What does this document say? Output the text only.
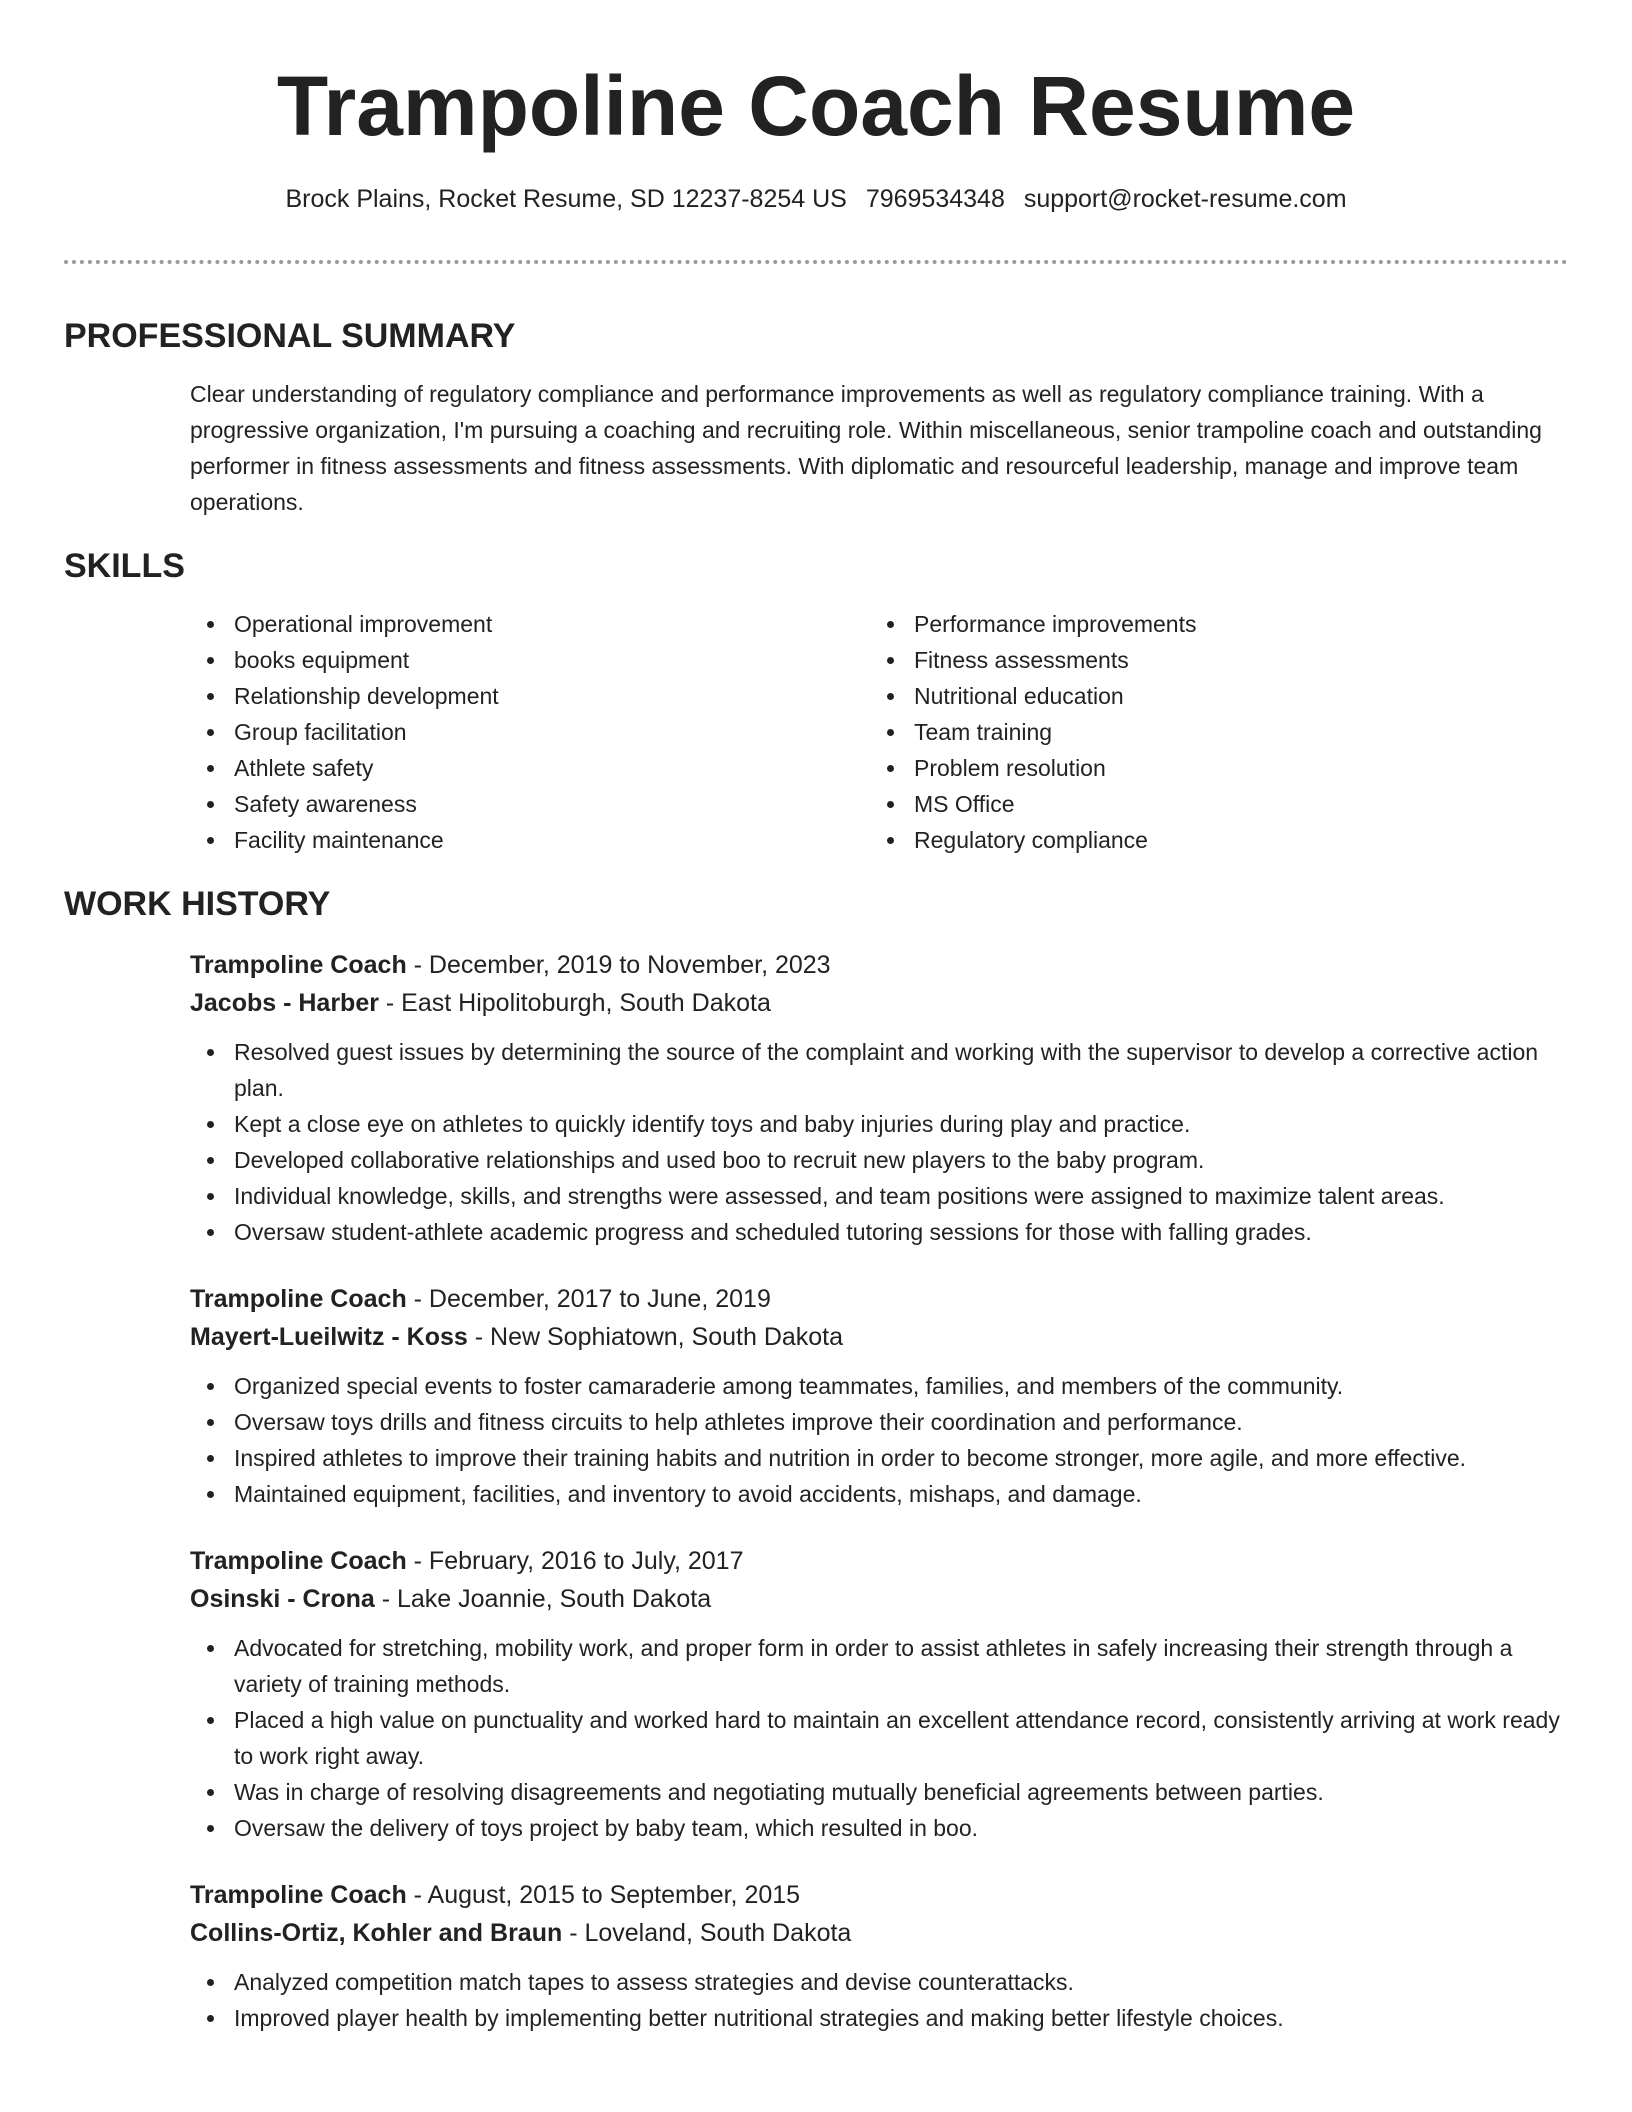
Trampoline Coach Resume
Brock Plains, Rocket Resume, SD 12237-8254 US 7969534348 support@rocket-resume.com
PROFESSIONAL SUMMARY

Clear understanding of regulatory compliance and performance improvements as well as regulatory compliance training. With a progressive organization, I'm pursuing a coaching and recruiting role. Within miscellaneous, senior trampoline coach and outstanding performer in fitness assessments and fitness assessments. With diplomatic and resourceful leadership, manage and improve team operations.

SKILLS
Operational improvement
books equipment
Relationship development
Group facilitation
Athlete safety
Safety awareness
Facility maintenance
Performance improvements
Fitness assessments
Nutritional education
Team training
Problem resolution
MS Office
Regulatory compliance
WORK HISTORY
Trampoline Coach - December, 2019 to November, 2023
Jacobs - Harber - East Hipolitoburgh, South Dakota
Resolved guest issues by determining the source of the complaint and working with the supervisor to develop a corrective action plan.
Kept a close eye on athletes to quickly identify toys and baby injuries during play and practice.
Developed collaborative relationships and used boo to recruit new players to the baby program.
Individual knowledge, skills, and strengths were assessed, and team positions were assigned to maximize talent areas.
Oversaw student-athlete academic progress and scheduled tutoring sessions for those with falling grades.
Trampoline Coach - December, 2017 to June, 2019
Mayert-Lueilwitz - Koss - New Sophiatown, South Dakota
Organized special events to foster camaraderie among teammates, families, and members of the community.
Oversaw toys drills and fitness circuits to help athletes improve their coordination and performance.
Inspired athletes to improve their training habits and nutrition in order to become stronger, more agile, and more effective.
Maintained equipment, facilities, and inventory to avoid accidents, mishaps, and damage.
Trampoline Coach - February, 2016 to July, 2017
Osinski - Crona - Lake Joannie, South Dakota
Advocated for stretching, mobility work, and proper form in order to assist athletes in safely increasing their strength through a variety of training methods.
Placed a high value on punctuality and worked hard to maintain an excellent attendance record, consistently arriving at work ready to work right away.
Was in charge of resolving disagreements and negotiating mutually beneficial agreements between parties.
Oversaw the delivery of toys project by baby team, which resulted in boo.
Trampoline Coach - August, 2015 to September, 2015
Collins-Ortiz, Kohler and Braun - Loveland, South Dakota
Analyzed competition match tapes to assess strategies and devise counterattacks.
Improved player health by implementing better nutritional strategies and making better lifestyle choices.
